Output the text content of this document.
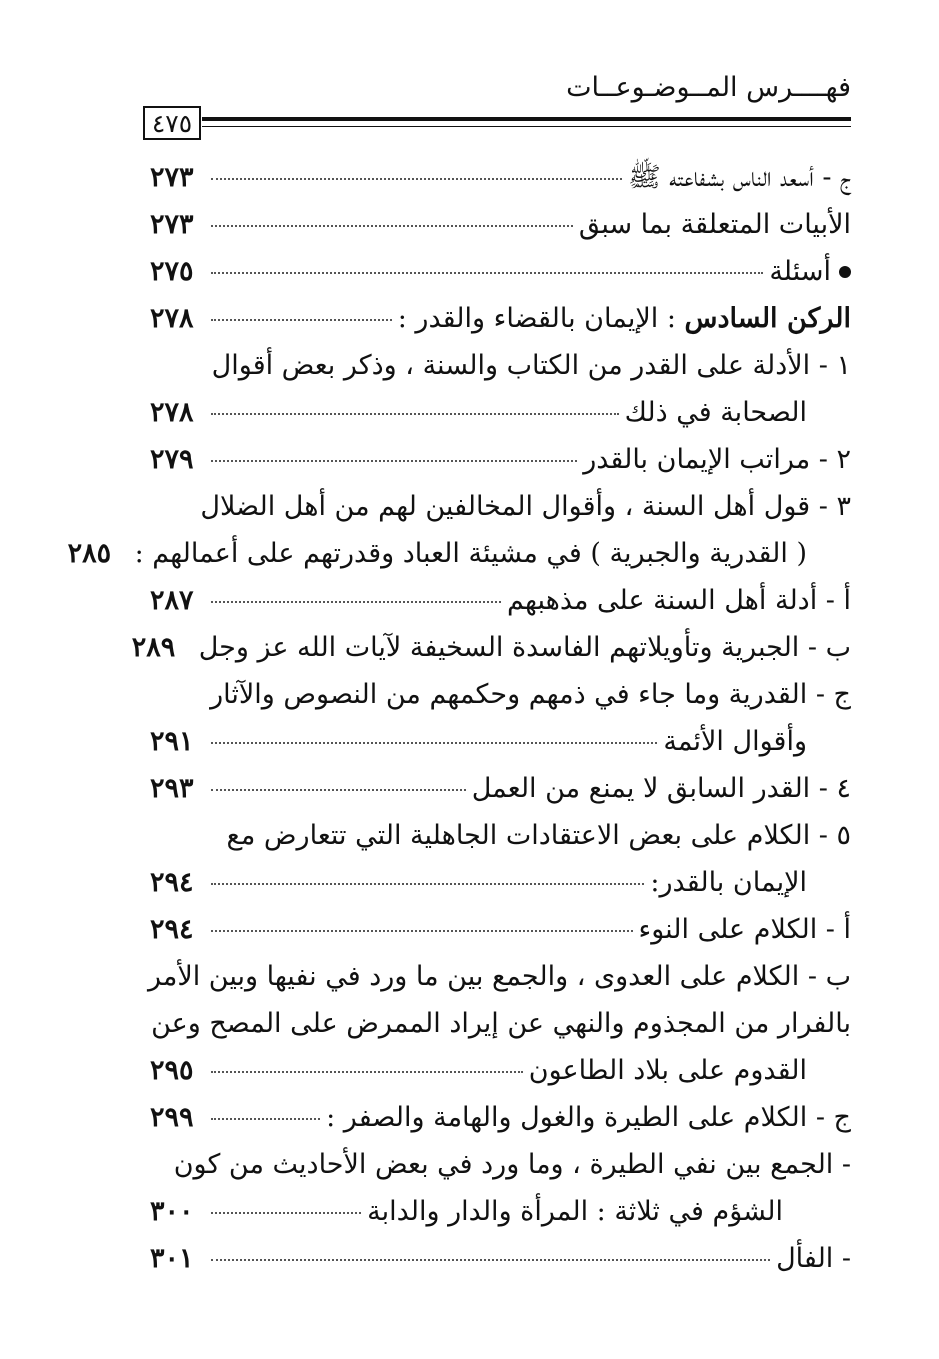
فهــــرس المــوضـوعــات
٤٧٥
ج - أسعد الناس بشفاعته ﷺ
٢٧٣
الأبيات المتعلقة بما سبق
٢٧٣
أسئلة
٢٧٥
الركن السادس : الإيمان بالقضاء والقدر :
٢٧٨
١ - الأدلة على القدر من الكتاب والسنة ، وذكر بعض أقوال
الصحابة في ذلك
٢٧٨
٢ - مراتب الإيمان بالقدر
٢٧٩
٣ - قول أهل السنة ، وأقوال المخالفين لهم من أهل الضلال
( القدرية والجبرية ) في مشيئة العباد وقدرتهم على أعمالهم :
٢٨٥
أ - أدلة أهل السنة على مذهبهم
٢٨٧
ب - الجبرية وتأويلاتهم الفاسدة السخيفة لآيات الله عز وجل
٢٨٩
ج - القدرية وما جاء في ذمهم وحكمهم من النصوص والآثار
وأقوال الأئمة
٢٩١
٤ - القدر السابق لا يمنع من العمل
٢٩٣
٥ - الكلام على بعض الاعتقادات الجاهلية التي تتعارض مع
الإيمان بالقدر:
٢٩٤
أ - الكلام على النوء
٢٩٤
ب - الكلام على العدوى ، والجمع بين ما ورد في نفيها وبين الأمر
بالفرار من المجذوم والنهي عن إيراد الممرض على المصح وعن
القدوم على بلاد الطاعون
٢٩٥
ج - الكلام على الطيرة والغول والهامة والصفر :
٢٩٩
- الجمع بين نفي الطيرة ، وما ورد في بعض الأحاديث من كون
الشؤم في ثلاثة : المرأة والدار والدابة
٣٠٠
- الفأل
٣٠١
